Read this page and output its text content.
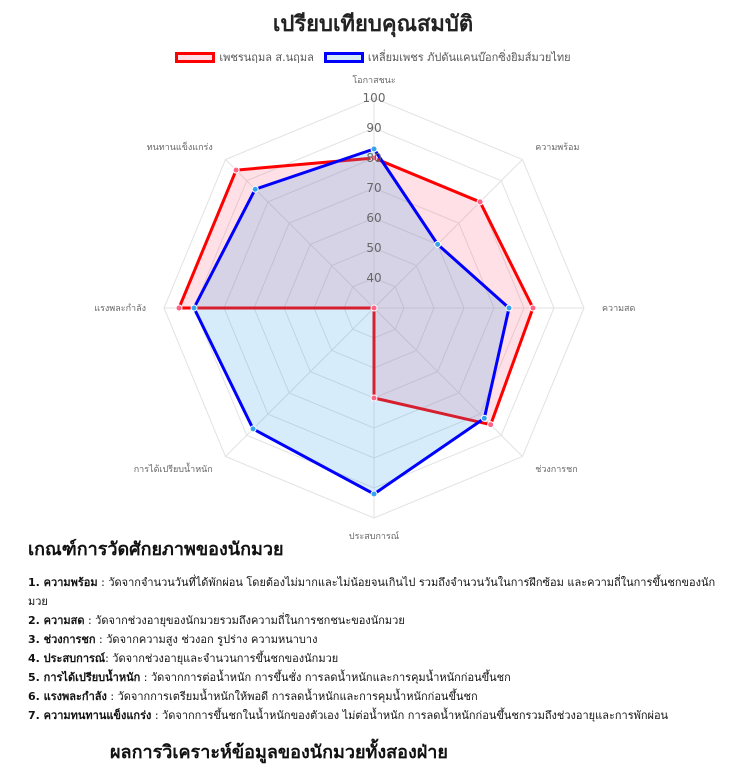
เปรียบเทียบคุณสมบัติ
เพชรนฤมล ส.นฤมล	เหลี่ยมเพชร ภัปดันแคนบ๊อกซิ่งยิมส์มวยไทย
40
50
60
70
80
90
100
โอกาสชนะ
ความพร้อม
ความสด
ช่วงการชก
ประสบการณ์
การได้เปรียบน้ำหนัก
แรงพละกำลัง
ทนทานแข็งแกร่ง
เกณฑ์การวัดศักยภาพของนักมวย
1. ความพร้อม : วัดจากจำนวนวันที่ได้พักผ่อน โดยต้องไม่มากและไม่น้อยจนเกินไป รวมถึงจำนวนวันในการฝึกซ้อม และความถี่ในการขึ้นชกของนักมวย
2. ความสด : วัดจากช่วงอายุของนักมวยรวมถึงความถี่ในการชกชนะของนักมวย
3. ช่วงการชก : วัดจากความสูง ช่วงอก รูปร่าง ความหนาบาง
4. ประสบการณ์: วัดจากช่วงอายุและจำนวนการขึ้นชกของนักมวย
5. การได้เปรียบน้ำหนัก : วัดจากการต่อน้ำหนัก การขึ้นชั่ง การลดน้ำหนักและการคุมน้ำหนักก่อนขึ้นชก
6. แรงพละกำลัง : วัดจากการเตรียมน้ำหนักให้พอดี การลดน้ำหนักและการคุมน้ำหนักก่อนขึ้นชก
7. ความทนทานแข็งแกร่ง : วัดจากการขึ้นชกในน้ำหนักของตัวเอง ไม่ต่อน้ำหนัก การลดน้ำหนักก่อนขึ้นชกรวมถึงช่วงอายุและการพักผ่อน
ผลการวิเคราะห์ข้อมูลของนักมวยทั้งสองฝ่าย
